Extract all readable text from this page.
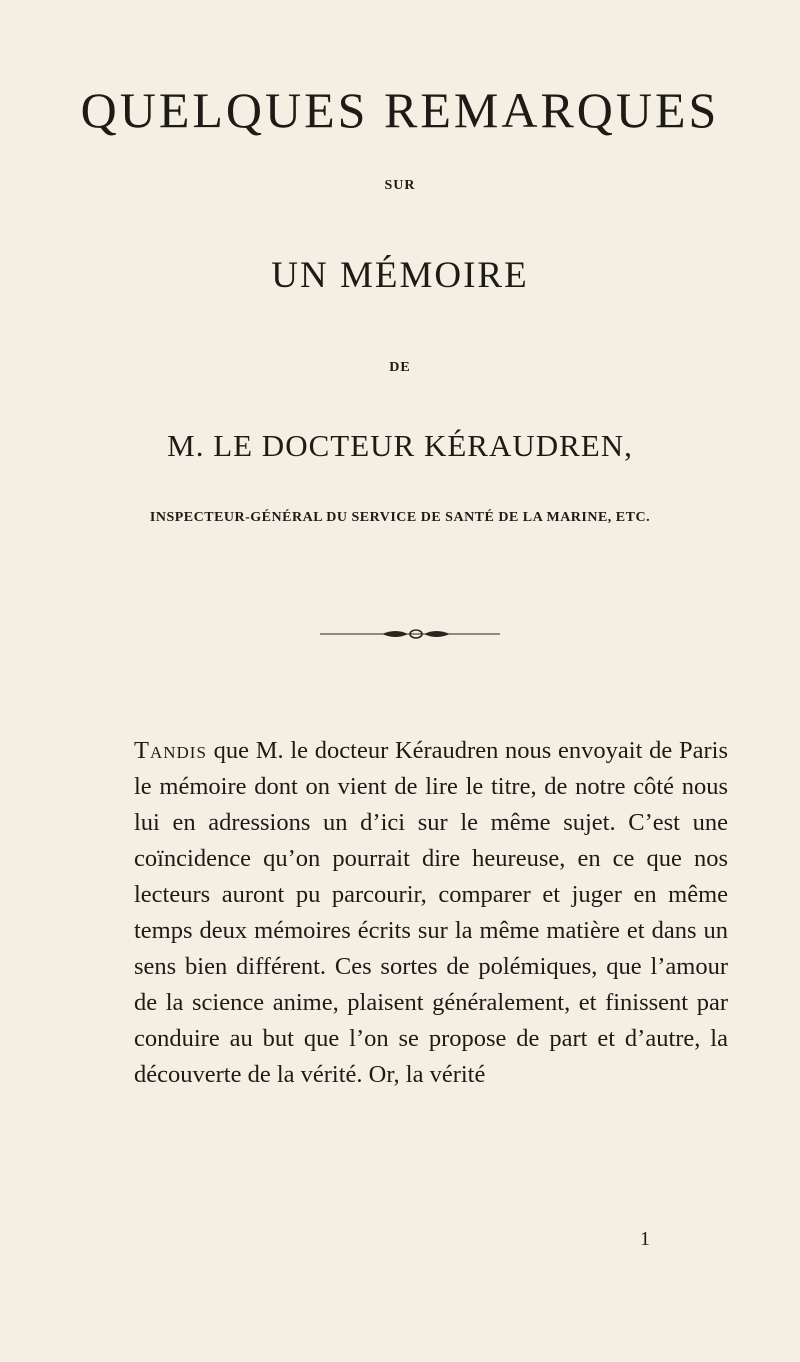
QUELQUES REMARQUES
SUR
UN MÉMOIRE
DE
M. LE DOCTEUR KÉRAUDREN,
INSPECTEUR-GÉNÉRAL DU SERVICE DE SANTÉ DE LA MARINE, ETC.

Tandis que M. le docteur Kéraudren nous envoyait de Paris le mémoire dont on vient de lire le titre, de notre côté nous lui en adressions un d’ici sur le même sujet. C’est une coïncidence qu’on pourrait dire heureuse, en ce que nos lecteurs auront pu parcourir, comparer et juger en même temps deux mémoires écrits sur la même matière et dans un sens bien différent. Ces sortes de polémiques, que l’amour de la science anime, plaisent généralement, et finissent par conduire au but que l’on se propose de part et d’autre, la découverte de la vérité. Or, la vérité

1
